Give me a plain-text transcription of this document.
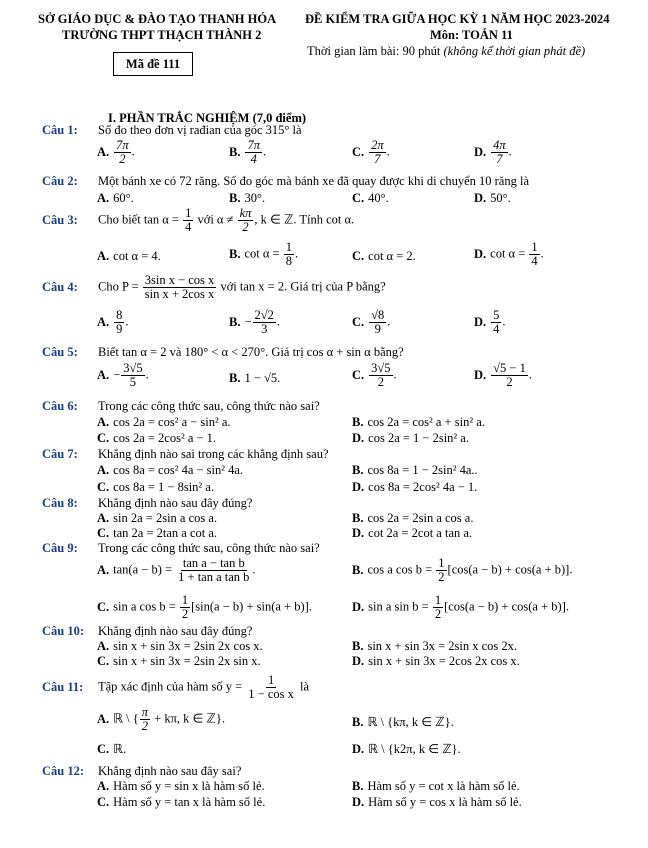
SỞ GIÁO DỤC & ĐÀO TẠO THANH HÓA
TRƯỜNG THPT THẠCH THÀNH 2
ĐỀ KIỂM TRA GIỮA HỌC KỲ 1 NĂM HỌC 2023-2024
Môn: TOÁN 11
Thời gian làm bài: 90 phút (không kể thời gian phát đề)
Mã đề 111
I. PHẦN TRẮC NGHIỆM (7,0 điểm)
Câu 1: Số đo theo đơn vị rađian của góc 315° là
A. $\frac{7\pi}{2}$ .	B. $\frac{7\pi}{4}$ .	C. $\frac{2\pi}{7}$ .	D. $\frac{4\pi}{7}$ .
Câu 2: Một bánh xe có 72 răng. Số đo góc mà bánh xe đã quay được khi di chuyển 10 răng là
A. 60°.	B. 30°.	C. 40°.	D. 50°.
Câu 3: Cho biết $\tan \alpha = \frac{1}{4}$ với $\alpha \ne \frac{k\pi}{2}$ , k ∈ ℤ. Tính cot α.
A. cot α = 4.	B. $\cot \alpha = \frac{1}{8}$ .	C. cot α = 2.	D. $\cot \alpha = \frac{1}{4}$ .
Câu 4: Cho $P = \frac{\text{3sin x − cos x}}{\text{sin x + 2cos x}}$ với tan x = 2. Giá trị của P bằng?
A. $\frac{8}{9}$ .	B. − $\frac{2√2}{3}$ .	C. $\frac{√8}{9}$ .	D. $\frac{5}{4}$ .
Câu 5: Biết tan α = 2 và 180° < α < 270°. Giá trị cos α + sin α bằng?
A. − $\frac{3√5}{5}$ .	B. 1 − √5.	C. $\frac{3√5}{2}$ .	D. $\frac{√5 - 1}{2}$ .
Câu 6: Trong các công thức sau, công thức nào sai?
A. cos 2a = cos² a − sin² a.	B. cos 2a = cos² a + sin² a.
C. cos 2a = 2cos² a − 1.	D. cos 2a = 1 − 2sin² a.
Câu 7: Khẳng định nào sai trong các khẳng định sau?
A. cos 8a = cos² 4a − sin² 4a.	B. cos 8a = 1 − 2sin² 4a..
C. cos 8a = 1 − 8sin² a.	D. cos 8a = 2cos² 4a − 1.
Câu 8: Khẳng định nào sau đây đúng?
A. sin 2a = 2sin a cos a.	B. cos 2a = 2sin a cos a.
C. tan 2a = 2tan a cot a.	D. cot 2a = 2cot a tan a.
Câu 9: Trong các công thức sau, công thức nào sai?
A. $\tan(a - b) = \frac{\text{tan a − tan b}}{\text{1 + tan a tan b}}$ .	B. cos a $\cos b = \frac{1}{2} [\cos(a - b) + \cos(a + b)]$.
C. sin a $\cos b = \frac{1}{2} [\sin(a - b) + \sin(a + b)]$.	D. sin a $\sin b = \frac{1}{2} [\cos(a - b) + \cos(a + b)]$.
Câu 10: Khẳng định nào sau đây đúng?
A. sin x + sin 3x = 2sin 2x cos x.	B. sin x + sin 3x = 2sin x cos 2x.
C. sin x + sin 3x = 2sin 2x sin x.	D. sin x + sin 3x = 2cos 2x cos x.
Câu 11: Tập xác định của hàm số $y = \frac{1}{\text{1 − cos x}}$ là
A. ℝ \ { $\frac{\pi}{2} + k\pi$, k ∈ ℤ}.	B. ℝ \ {kπ, k ∈ ℤ}.
C. ℝ.	D. ℝ \ {k2π, k ∈ ℤ}.
Câu 12: Khẳng định nào sau đây sai?
A. Hàm số y = sin x là hàm số lẻ.	B. Hàm số y = cot x là hàm số lẻ.
C. Hàm số y = tan x là hàm số lẻ.	D. Hàm số y = cos x là hàm số lẻ.
